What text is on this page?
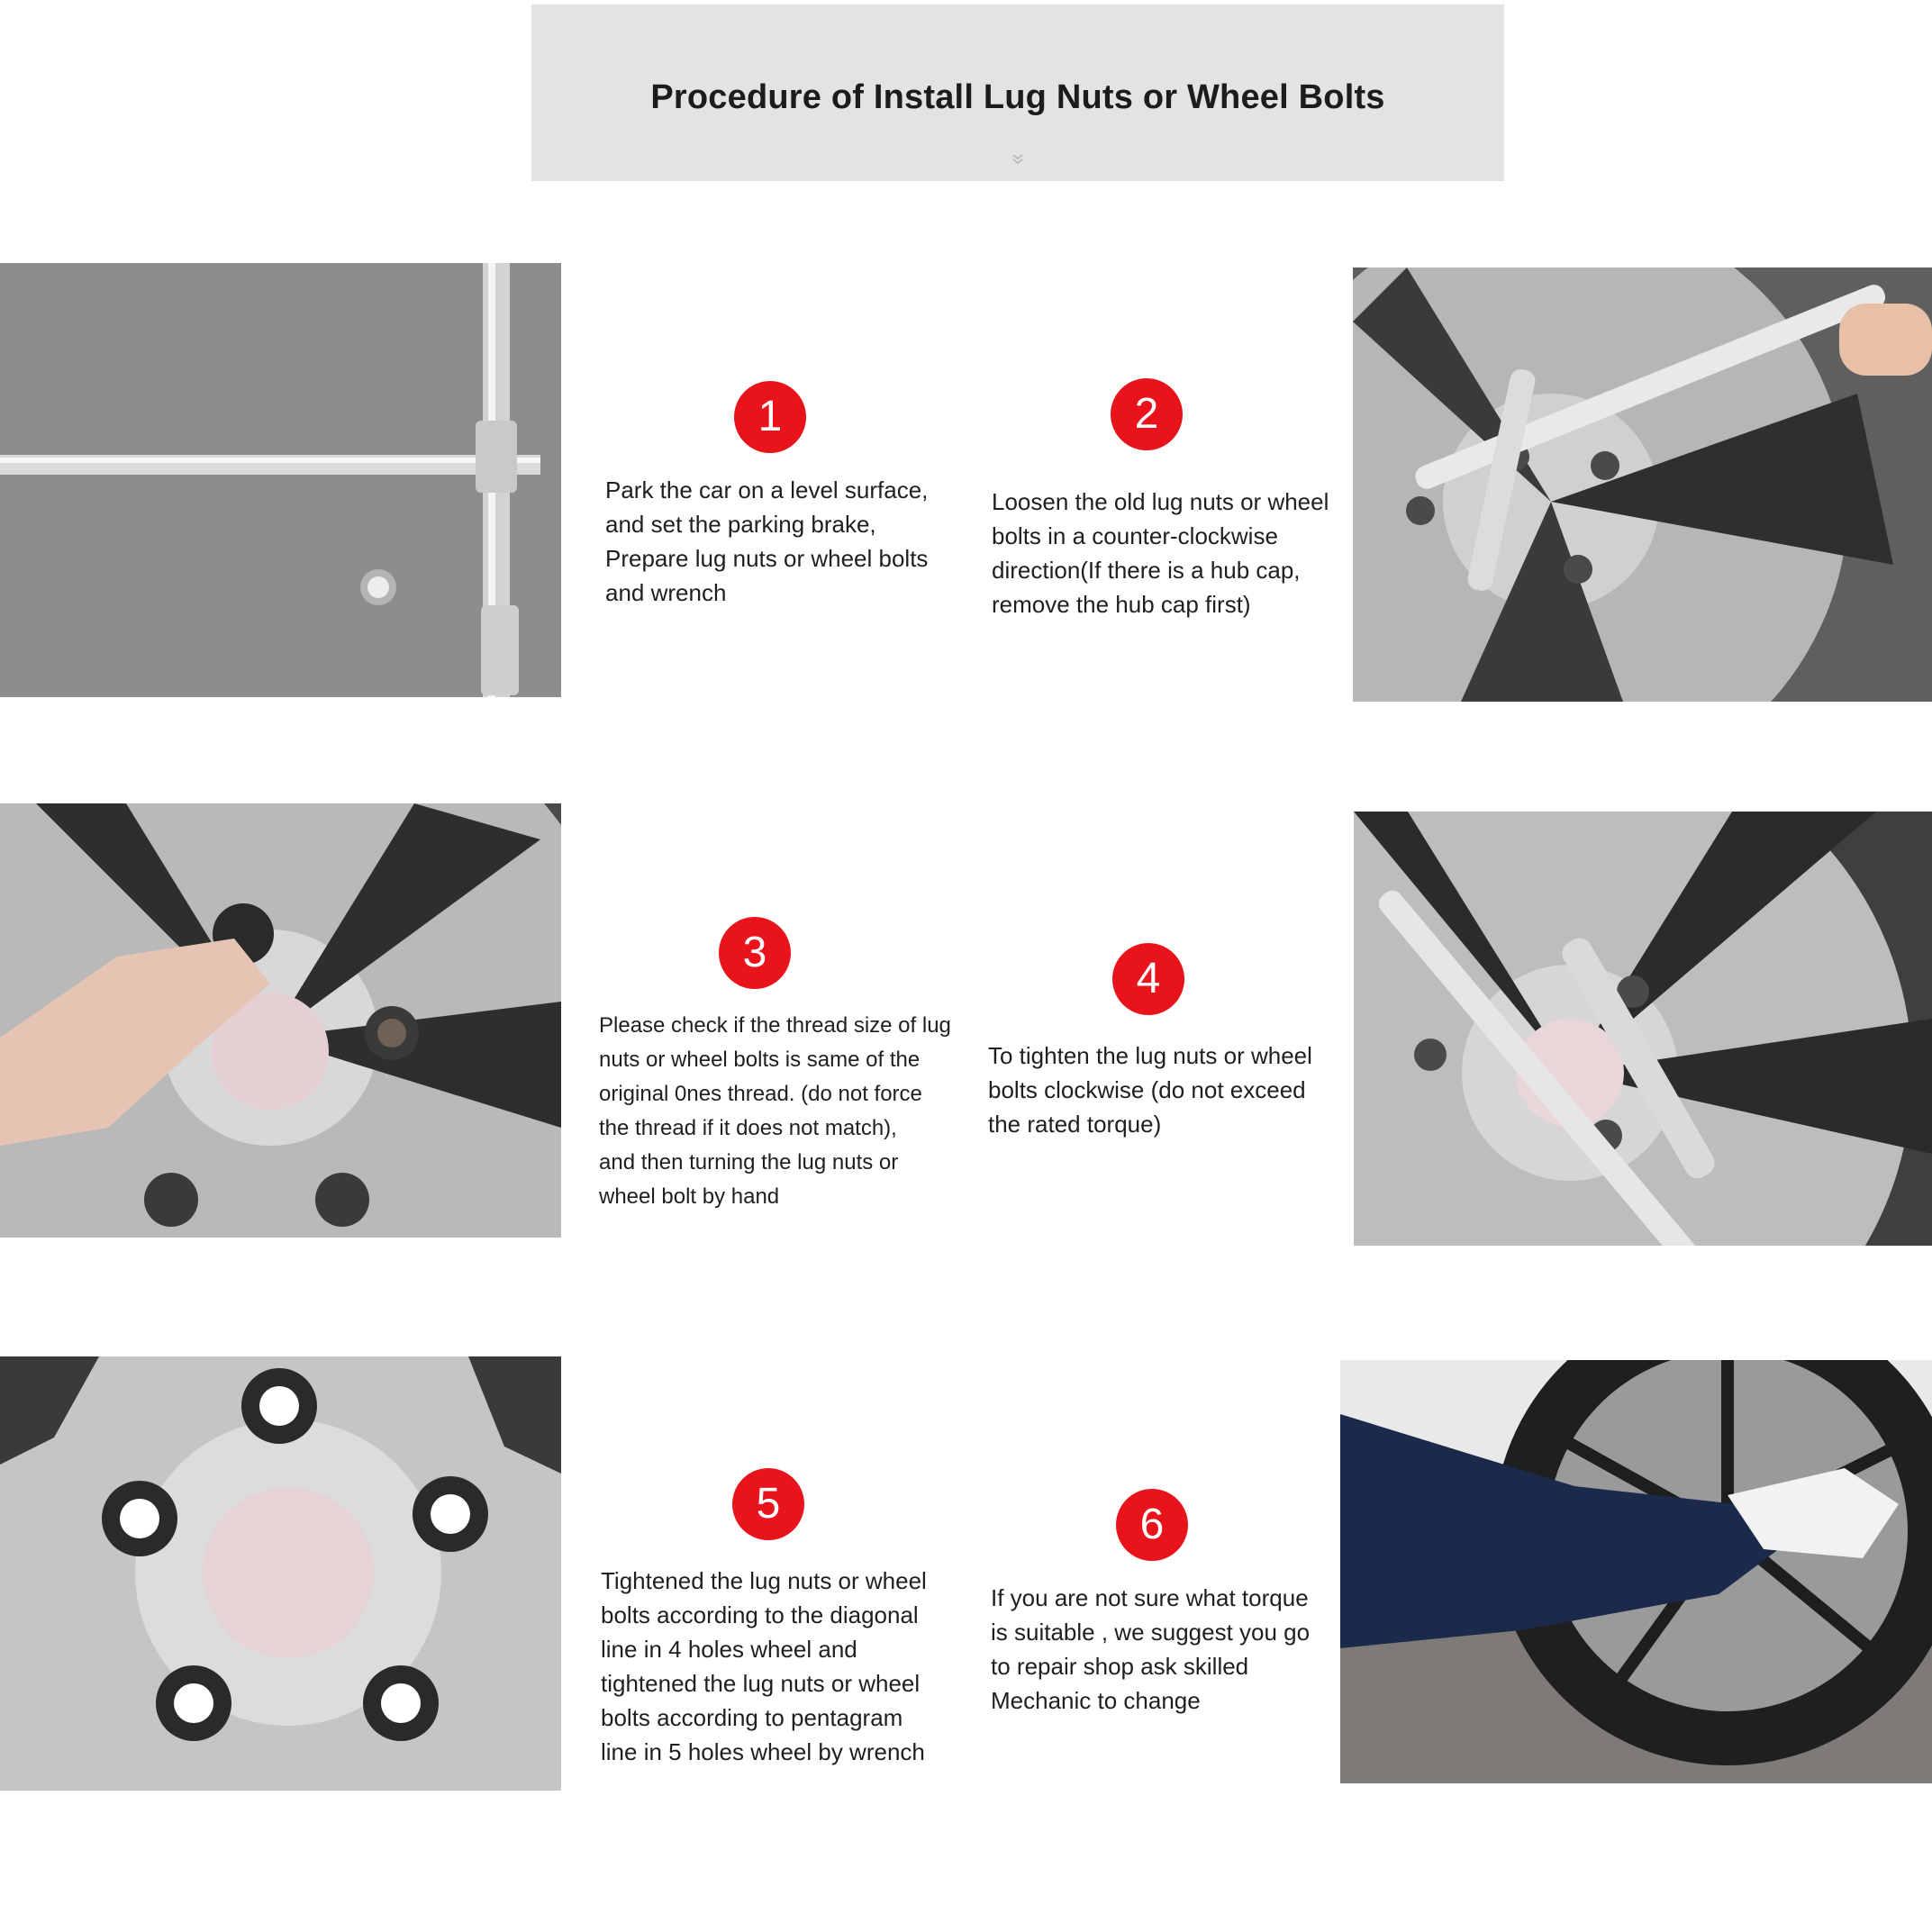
Procedure of Install Lug Nuts or Wheel Bolts
1
Park the car on a level surface,
and set the parking brake,
Prepare lug nuts or wheel bolts
and wrench
2
Loosen the old lug nuts or wheel
bolts in a counter-clockwise
direction(If there is a hub cap,
remove the hub cap first)
3
Please check if the thread size of lug
nuts or wheel bolts is same of the
original 0nes thread. (do not force
the thread if it does not match),
and then turning the lug nuts or
wheel bolt by hand
4
To tighten the lug nuts or wheel
bolts clockwise (do not exceed
the rated torque)
5
Tightened the lug nuts or wheel
bolts according to the diagonal
line in 4 holes wheel and
tightened the lug nuts or wheel
bolts according to pentagram
line in 5 holes wheel by wrench
6
If you are not sure what torque
is suitable , we suggest you go
to repair shop ask skilled
Mechanic to change
